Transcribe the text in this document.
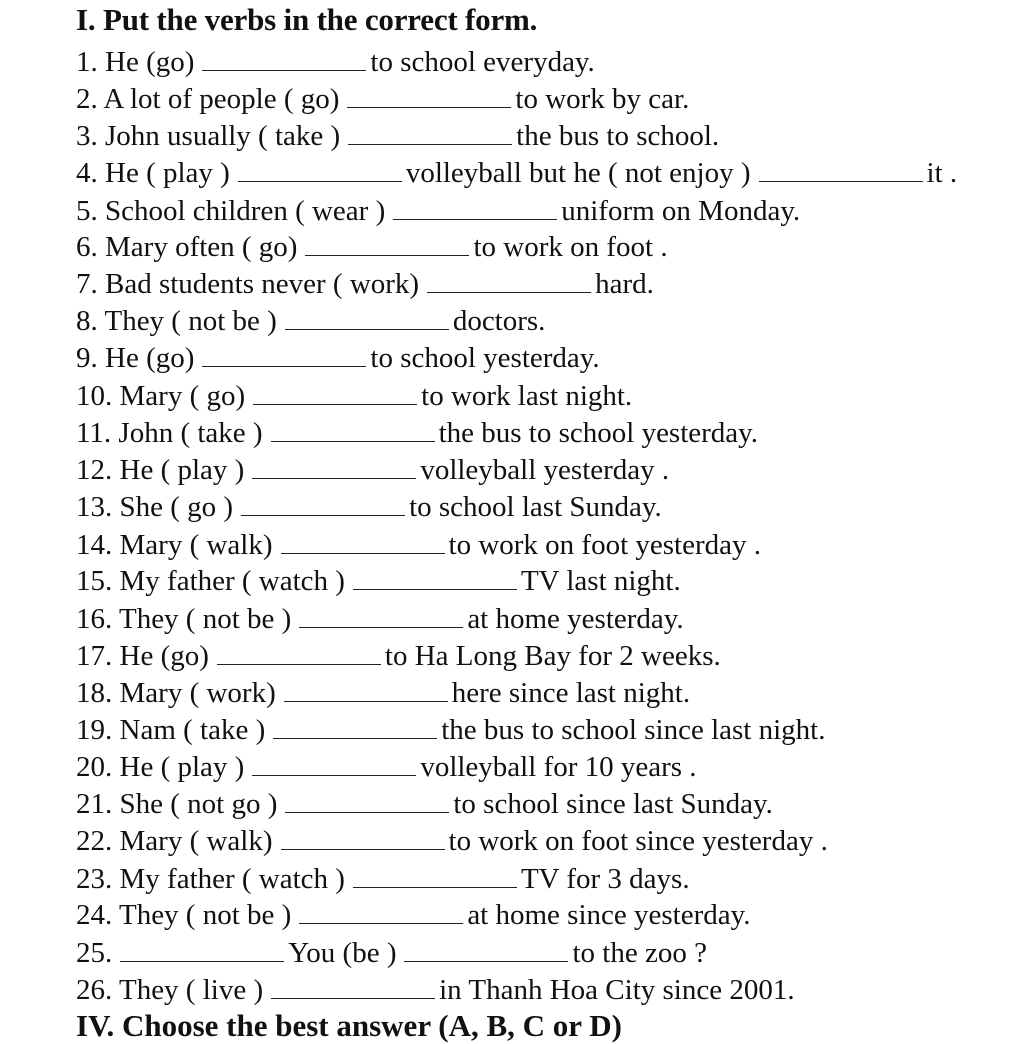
I. Put the verbs in the correct form.
1. He (go)	to school everyday.
2. A lot of people ( go)	to work by car.
3. John usually ( take )	the bus to school.
4. He ( play )	volleyball but he ( not enjoy )	it .
5. School children ( wear )	uniform on Monday.
6. Mary often ( go)	to work on foot .
7. Bad students never ( work)	hard.
8. They ( not be )	doctors.
9. He (go)	to school yesterday.
10. Mary ( go)	to work last night.
11. John ( take )	the bus to school yesterday.
12. He ( play )	volleyball yesterday .
13. She ( go )	to school last Sunday.
14. Mary ( walk)	to work on foot yesterday .
15. My father ( watch )	TV last night.
16. They ( not be )	at home yesterday.
17. He (go)	to Ha Long Bay for 2 weeks.
18. Mary ( work)	here since last night.
19. Nam ( take )	the bus to school since last night.
20. He ( play )	volleyball for 10 years .
21. She ( not go )	to school since last Sunday.
22. Mary ( walk)	to work on foot since yesterday .
23. My father ( watch )	TV for 3 days.
24. They ( not be )	at home since yesterday.
25.	You (be )	to the zoo ?
26. They ( live )	in Thanh Hoa City since 2001.
IV. Choose the best answer (A, B, C or D)
